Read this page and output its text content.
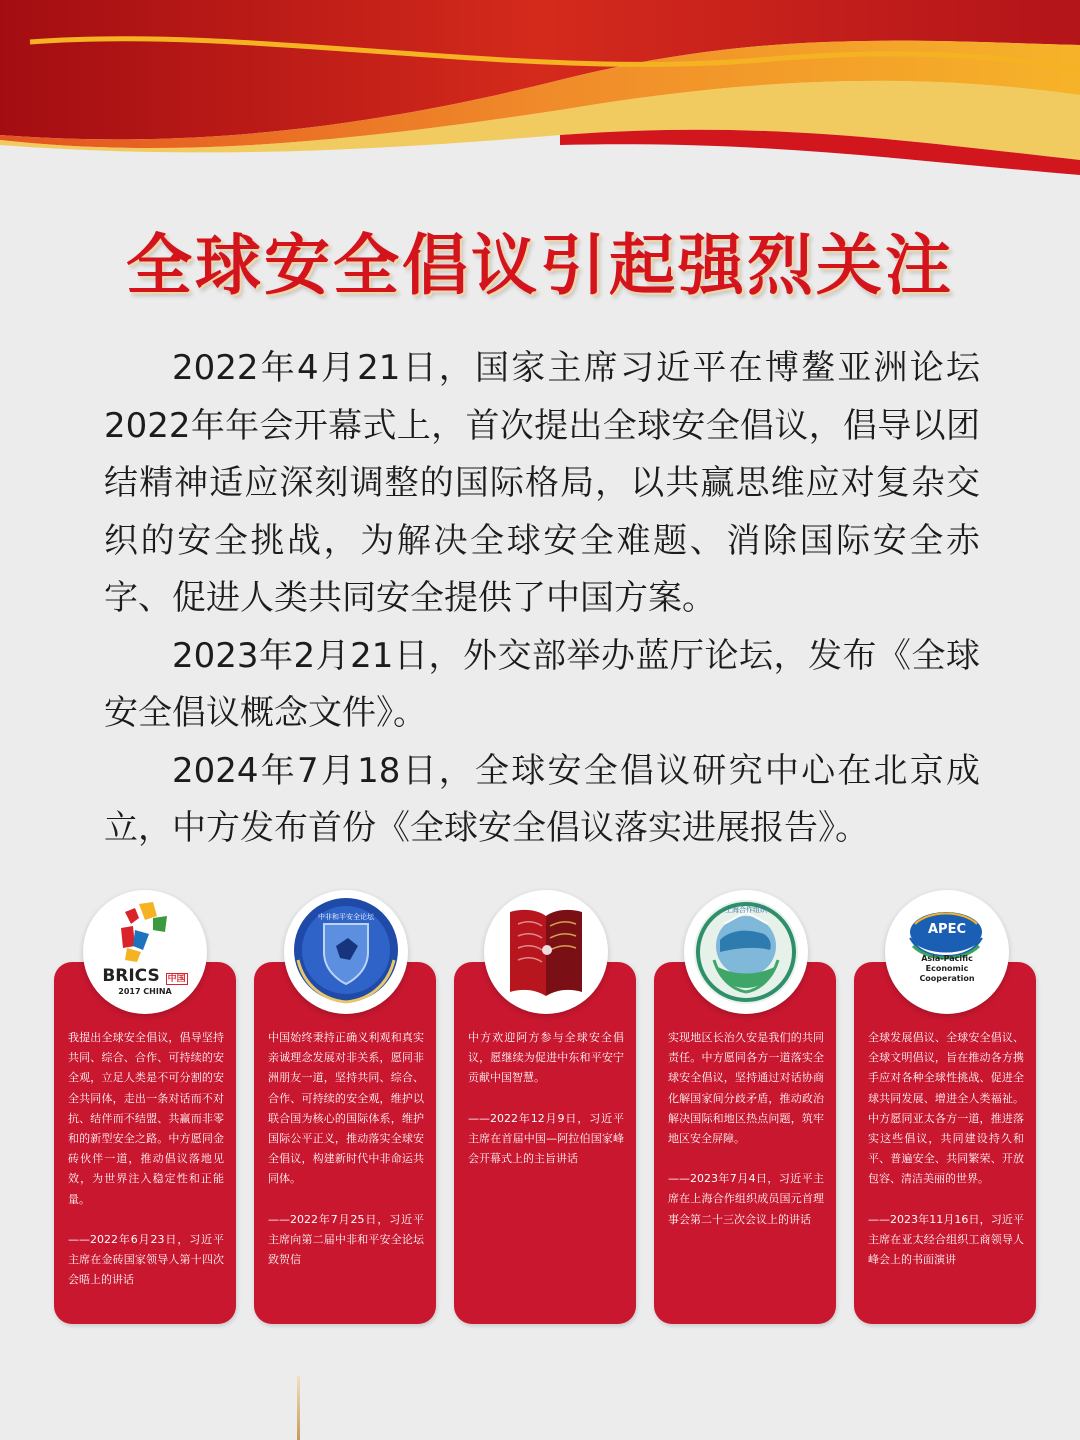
全球安全倡议引起强烈关注

2022年4月21日，国家主席习近平在博鳌亚洲论坛2022年年会开幕式上，首次提出全球安全倡议，倡导以团结精神适应深刻调整的国际格局，以共赢思维应对复杂交织的安全挑战，为解决全球安全难题、消除国际安全赤字、促进人类共同安全提供了中国方案。

2023年2月21日，外交部举办蓝厅论坛，发布《全球安全倡议概念文件》。

2024年7月18日，全球安全倡议研究中心在北京成立，中方发布首份《全球安全倡议落实进展报告》。

我提出全球安全倡议，倡导坚持共同、综合、合作、可持续的安全观，立足人类是不可分割的安全共同体，走出一条对话而不对抗、结伴而不结盟、共赢而非零和的新型安全之路。中方愿同金砖伙伴一道，推动倡议落地见效，为世界注入稳定性和正能量。

——2022年6月23日，习近平主席在金砖国家领导人第十四次会晤上的讲话

BRICS 中国
2017 CHINA

中国始终秉持正确义利观和真实亲诚理念发展对非关系，愿同非洲朋友一道，坚持共同、综合、合作、可持续的安全观，维护以联合国为核心的国际体系，维护国际公平正义，推动落实全球安全倡议，构建新时代中非命运共同体。

——2022年7月25日，习近平主席向第二届中非和平安全论坛致贺信

中非和平安全论坛

中方欢迎阿方参与全球安全倡议，愿继续为促进中东和平安宁贡献中国智慧。

——2022年12月9日，习近平主席在首届中国—阿拉伯国家峰会开幕式上的主旨讲话

实现地区长治久安是我们的共同责任。中方愿同各方一道落实全球安全倡议，坚持通过对话协商化解国家间分歧矛盾，推动政治解决国际和地区热点问题，筑牢地区安全屏障。

——2023年7月4日，习近平主席在上海合作组织成员国元首理事会第二十三次会议上的讲话

上海合作组织

全球发展倡议、全球安全倡议、全球文明倡议，旨在推动各方携手应对各种全球性挑战、促进全球共同发展、增进全人类福祉。中方愿同亚太各方一道，推进落实这些倡议，共同建设持久和平、普遍安全、共同繁荣、开放包容、清洁美丽的世界。

——2023年11月16日，习近平主席在亚太经合组织工商领导人峰会上的书面演讲

APEC
Asia-Pacific Economic Cooperation
